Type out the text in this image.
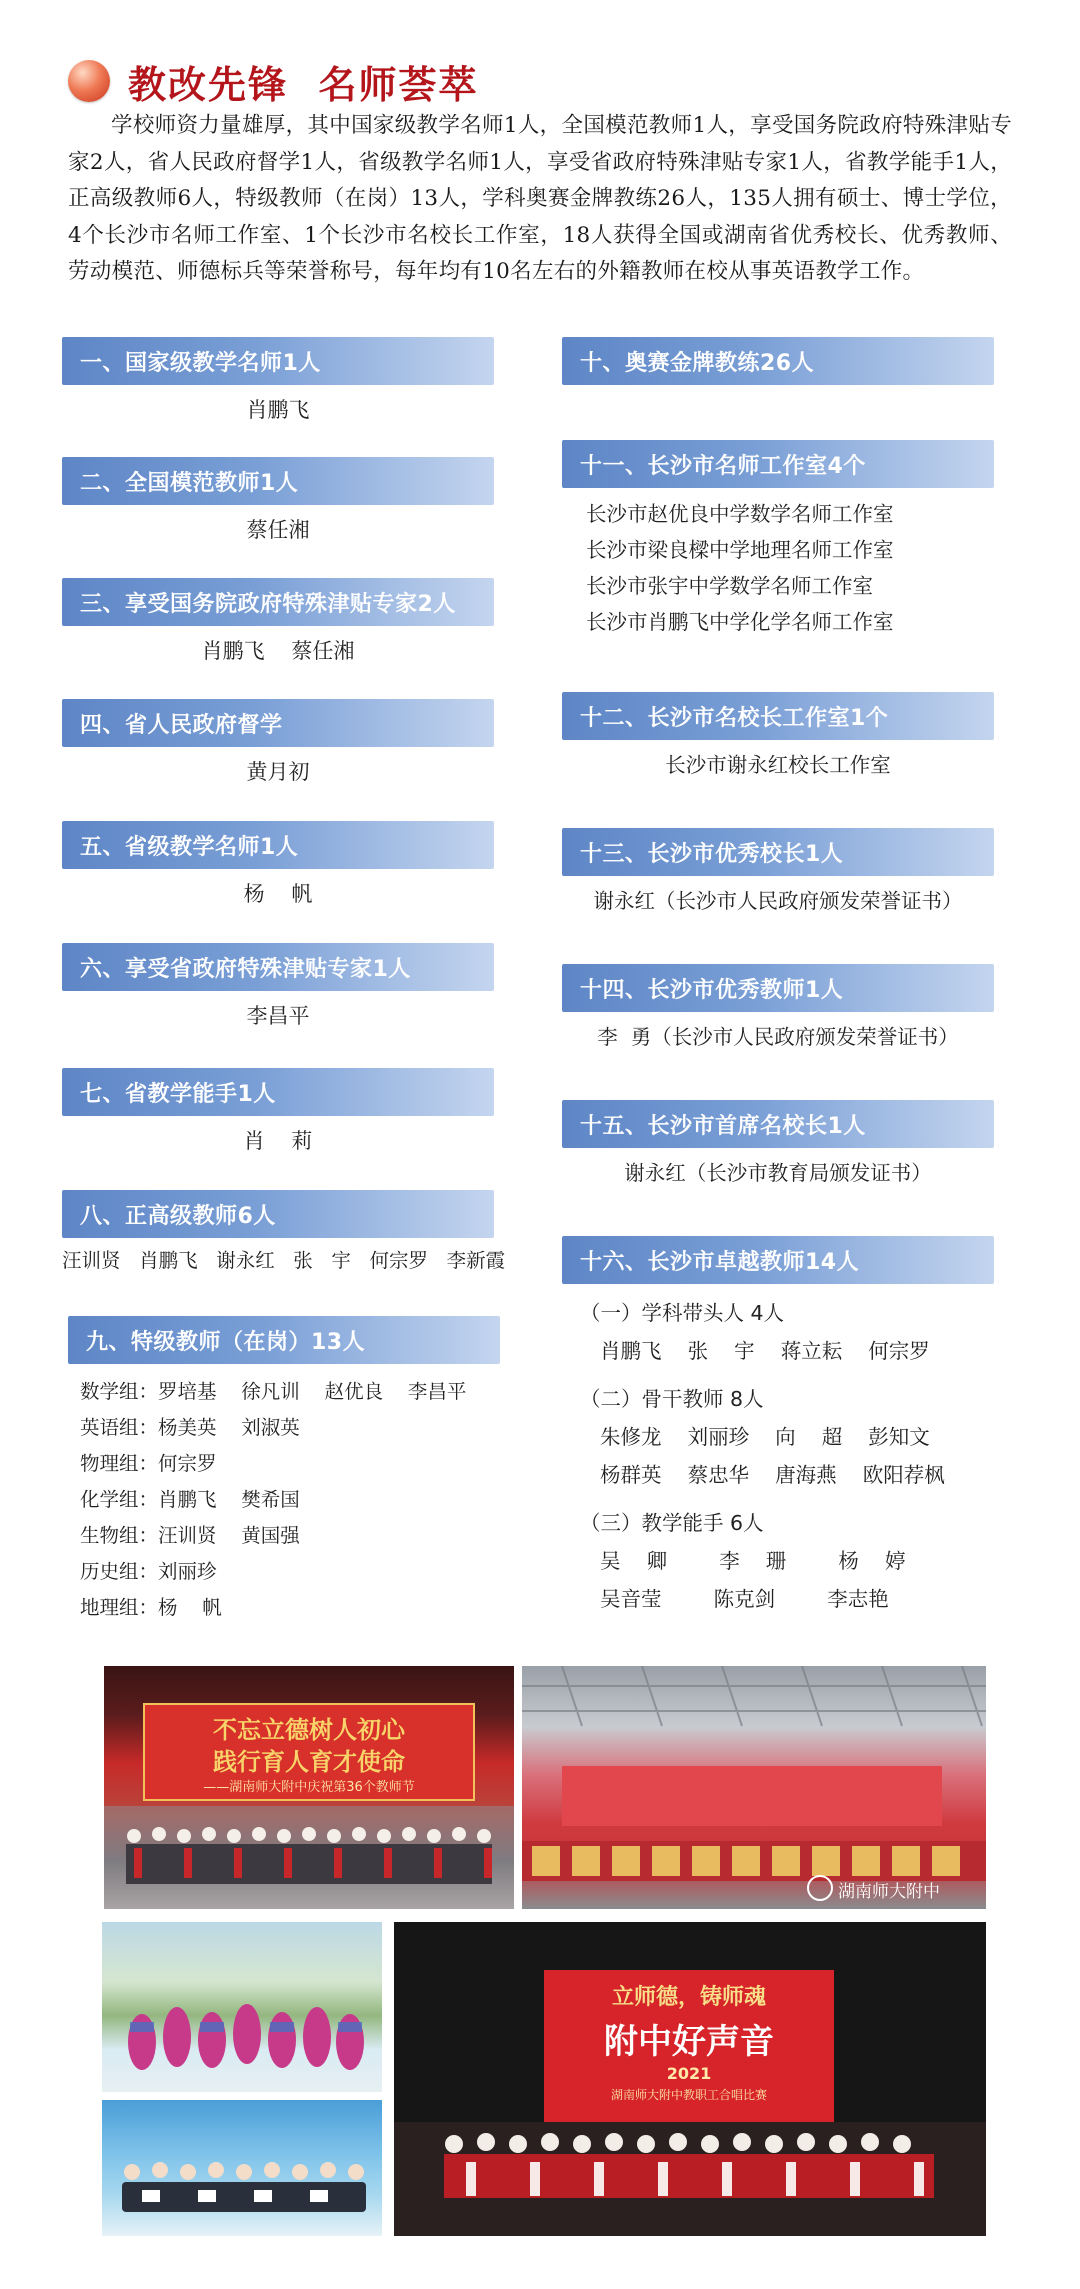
教改先锋  名师荟萃
学校师资力量雄厚，其中国家级教学名师1人，全国模范教师1人，享受国务院政府特殊津贴专家2人，省人民政府督学1人，省级教学名师1人，享受省政府特殊津贴专家1人，省教学能手1人，正高级教师6人，特级教师（在岗）13人，学科奥赛金牌教练26人，135人拥有硕士、博士学位，4个长沙市名师工作室、1个长沙市名校长工作室，18人获得全国或湖南省优秀校长、优秀教师、劳动模范、师德标兵等荣誉称号，每年均有10名左右的外籍教师在校从事英语教学工作。
一、国家级教学名师1人
肖鹏飞
二、全国模范教师1人
蔡任湘
三、享受国务院政府特殊津贴专家2人
肖鹏飞    蔡任湘
四、省人民政府督学
黄月初
五、省级教学名师1人
杨    帆
六、享受省政府特殊津贴专家1人
李昌平
七、省教学能手1人
肖    莉
八、正高级教师6人
汪训贤   肖鹏飞   谢永红   张   宇   何宗罗   李新霞
九、特级教师（在岗）13人
数学组：罗培基    徐凡训    赵优良    李昌平
英语组：杨美英    刘淑英
物理组：何宗罗
化学组：肖鹏飞    樊希国
生物组：汪训贤    黄国强
历史组：刘丽珍
地理组：杨    帆
十、奥赛金牌教练26人
十一、长沙市名师工作室4个
长沙市赵优良中学数学名师工作室
长沙市梁良樑中学地理名师工作室
长沙市张宇中学数学名师工作室
长沙市肖鹏飞中学化学名师工作室
十二、长沙市名校长工作室1个
长沙市谢永红校长工作室
十三、长沙市优秀校长1人
谢永红（长沙市人民政府颁发荣誉证书）
十四、长沙市优秀教师1人
李  勇（长沙市人民政府颁发荣誉证书）
十五、长沙市首席名校长1人
谢永红（长沙市教育局颁发证书）
十六、长沙市卓越教师14人
（一）学科带头人 4人
肖鹏飞    张    宇    蒋立耘    何宗罗
（二）骨干教师 8人
朱修龙    刘丽珍    向    超    彭知文
杨群英    蔡忠华    唐海燕    欧阳荐枫
（三）教学能手 6人
吴    卿        李    珊        杨    婷
吴音莹        陈克剑        李志艳
不忘立德树人初心
践行育人育才使命
——湖南师大附中庆祝第36个教师节
湖南师大附中
立师德，铸师魂
附中好声音
2021
湖南师大附中教职工合唱比赛
